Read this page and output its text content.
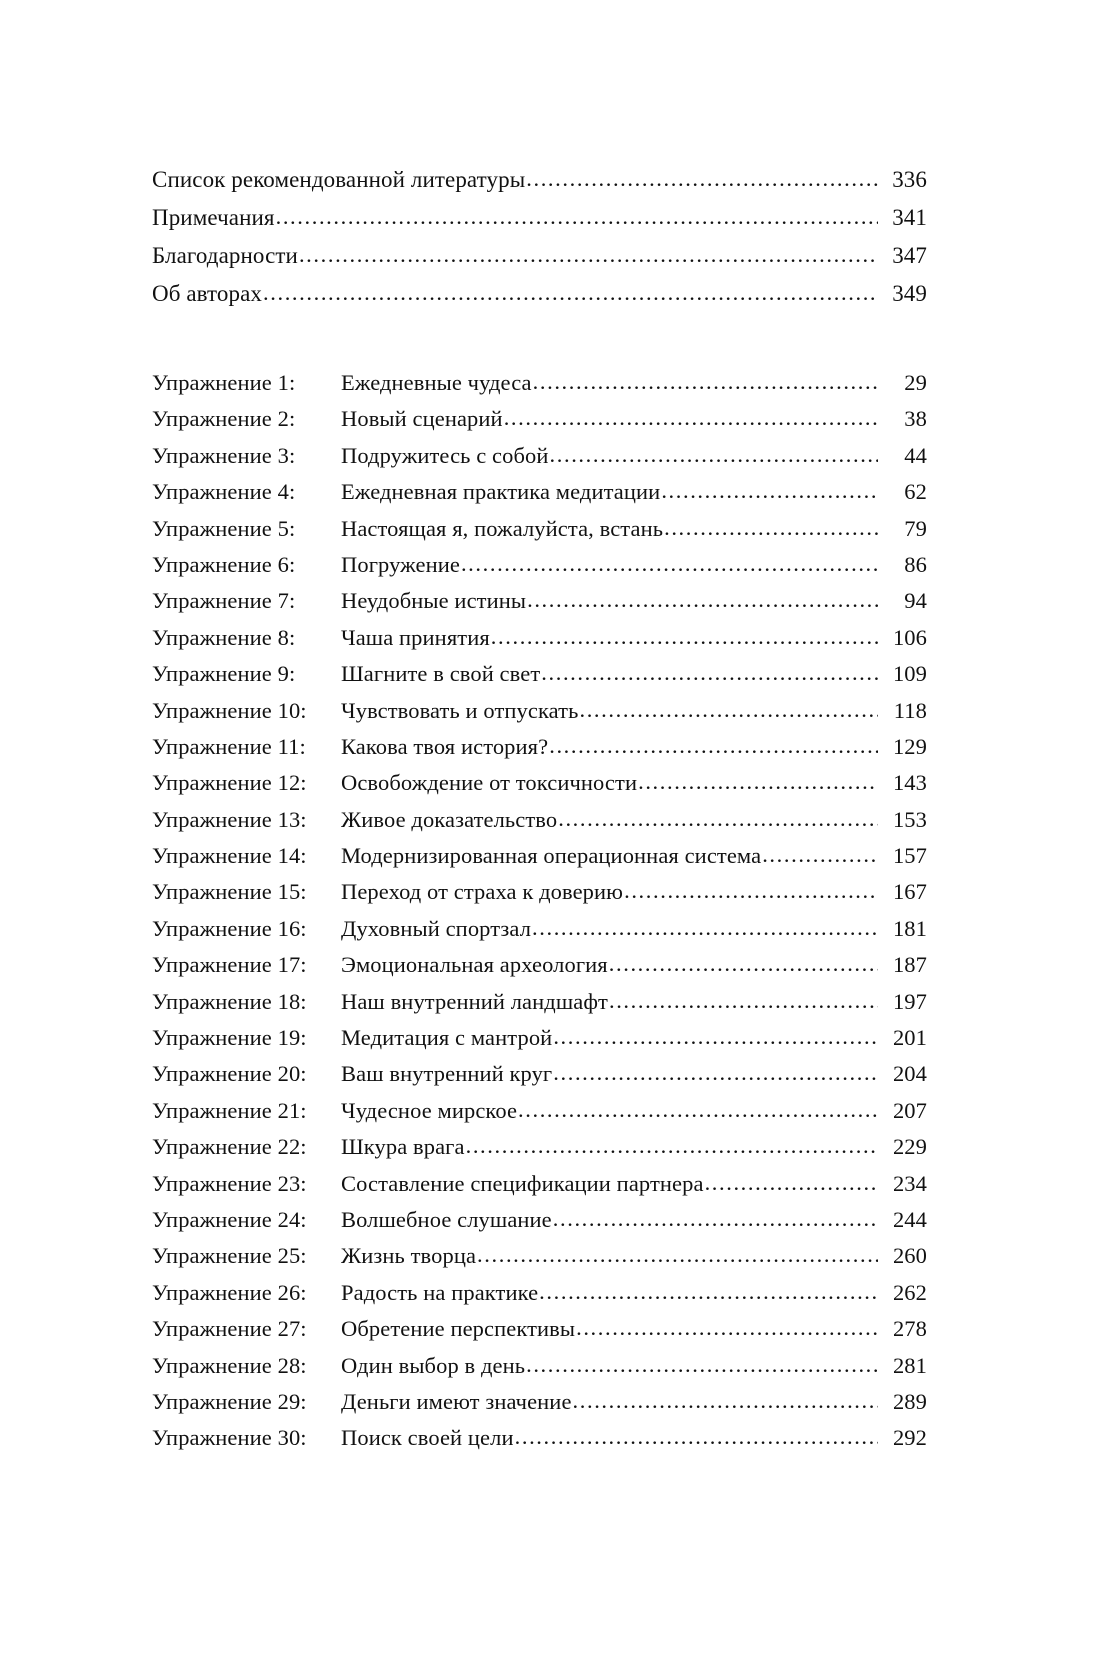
Список рекомендованной литературы .....	336
Примечания .....	341
Благодарности .....	347
Об авторах .....	349
Упражнение 1:	Ежедневные чудеса .....	29
Упражнение 2:	Новый сценарий .....	38
Упражнение 3:	Подружитесь с собой .....	44
Упражнение 4:	Ежедневная практика медитации .....	62
Упражнение 5:	Настоящая я, пожалуйста, встань .....	79
Упражнение 6:	Погружение .....	86
Упражнение 7:	Неудобные истины .....	94
Упражнение 8:	Чаша принятия .....	106
Упражнение 9:	Шагните в свой свет .....	109
Упражнение 10:	Чувствовать и отпускать .....	118
Упражнение 11:	Какова твоя история? .....	129
Упражнение 12:	Освобождение от токсичности .....	143
Упражнение 13:	Живое доказательство .....	153
Упражнение 14:	Модернизированная операционная система .....	157
Упражнение 15:	Переход от страха к доверию .....	167
Упражнение 16:	Духовный спортзал .....	181
Упражнение 17:	Эмоциональная археология .....	187
Упражнение 18:	Наш внутренний ландшафт .....	197
Упражнение 19:	Медитация с мантрой .....	201
Упражнение 20:	Ваш внутренний круг .....	204
Упражнение 21:	Чудесное мирское .....	207
Упражнение 22:	Шкура врага .....	229
Упражнение 23:	Составление спецификации партнера .....	234
Упражнение 24:	Волшебное слушание .....	244
Упражнение 25:	Жизнь творца .....	260
Упражнение 26:	Радость на практике .....	262
Упражнение 27:	Обретение перспективы .....	278
Упражнение 28:	Один выбор в день .....	281
Упражнение 29:	Деньги имеют значение .....	289
Упражнение 30:	Поиск своей цели .....	292
